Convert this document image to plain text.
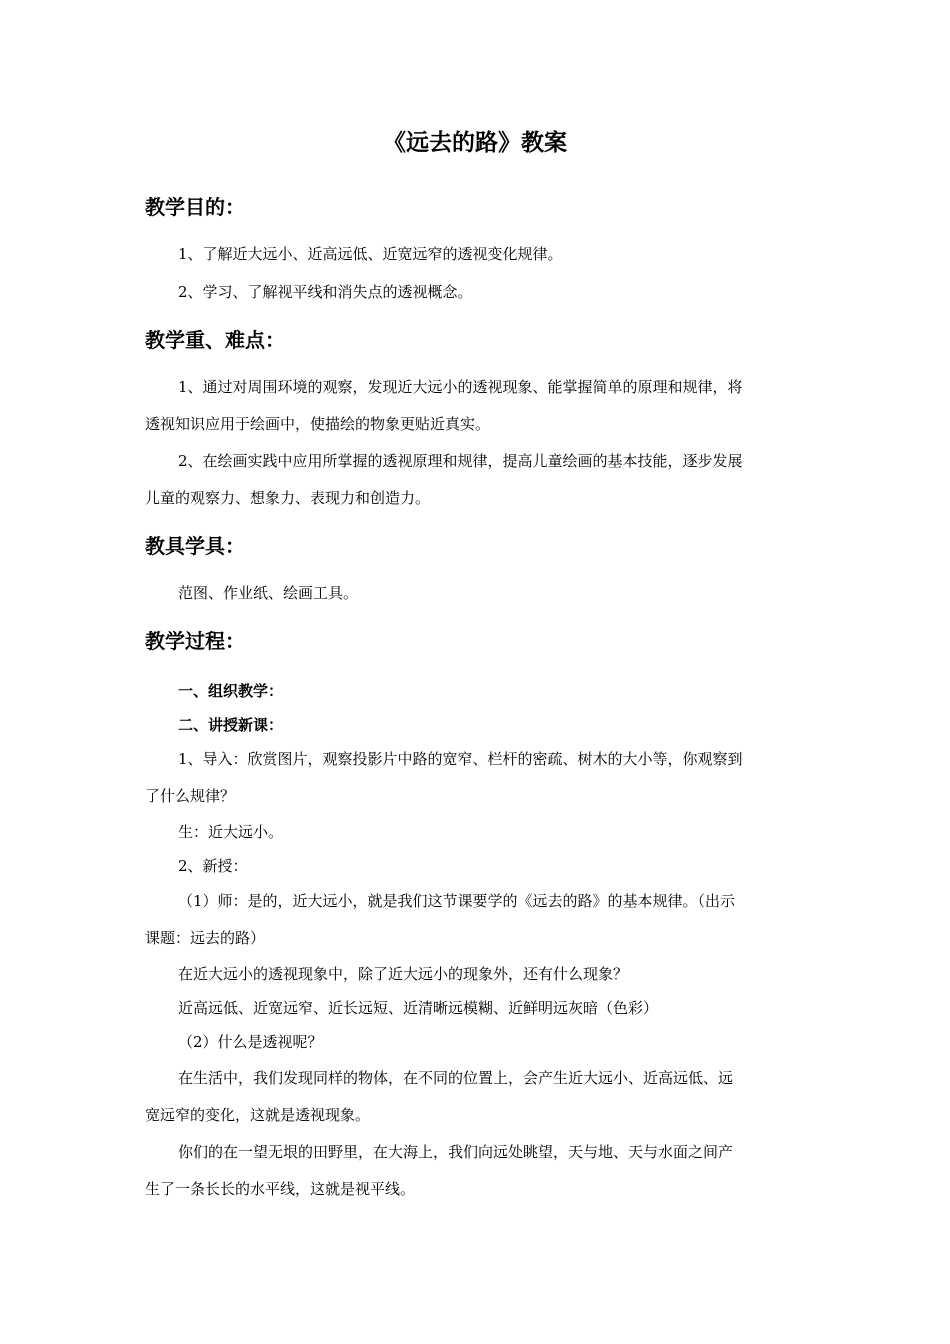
《远去的路》教案
教学目的：
1、了解近大远小、近高远低、近宽远窄的透视变化规律。
2、学习、了解视平线和消失点的透视概念。
教学重、难点：
1、通过对周围环境的观察，发现近大远小的透视现象、能掌握简单的原理和规律，将
透视知识应用于绘画中，使描绘的物象更贴近真实。
2、在绘画实践中应用所掌握的透视原理和规律，提高儿童绘画的基本技能，逐步发展
儿童的观察力、想象力、表现力和创造力。
教具学具：
范图、作业纸、绘画工具。
教学过程：
一、组织教学：
二、讲授新课：
1、导入：欣赏图片，观察投影片中路的宽窄、栏杆的密疏、树木的大小等，你观察到
了什么规律？
生：近大远小。
2、新授：
（1）师：是的，近大远小，就是我们这节课要学的《远去的路》的基本规律。（出示
课题：远去的路）
在近大远小的透视现象中，除了近大远小的现象外，还有什么现象？
近高远低、近宽远窄、近长远短、近清晰远模糊、近鲜明远灰暗（色彩）
（2）什么是透视呢？
在生活中，我们发现同样的物体，在不同的位置上，会产生近大远小、近高远低、远
宽远窄的变化，这就是透视现象。
你们的在一望无垠的田野里，在大海上，我们向远处眺望，天与地、天与水面之间产
生了一条长长的水平线，这就是视平线。
